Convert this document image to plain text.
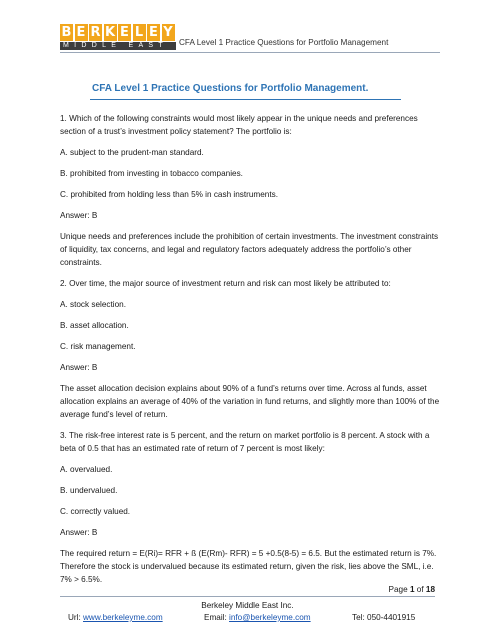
B E R K E L E Y
MIDDLE EAST	CFA Level 1 Practice Questions for Portfolio Management
CFA Level 1 Practice Questions for Portfolio Management.

1. Which of the following constraints would most likely appear in the unique needs and preferences section of a trust’s investment policy statement? The portfolio is:

A. subject to the prudent-man standard.

B. prohibited from investing in tobacco companies.

C. prohibited from holding less than 5% in cash instruments.

Answer: B

Unique needs and preferences include the prohibition of certain investments. The investment constraints of liquidity, tax concerns, and legal and regulatory factors adequately address the portfolio’s other constraints.

2. Over time, the major source of investment return and risk can most likely be attributed to:

A. stock selection.

B. asset allocation.

C. risk management.

Answer: B

The asset allocation decision explains about 90% of a fund’s returns over time. Across al funds, asset allocation explains an average of 40% of the variation in fund returns, and slightly more than 100% of the average fund’s level of return.

3. The risk-free interest rate is 5 percent, and the return on market portfolio is 8 percent. A stock with a beta of 0.5 that has an estimated rate of return of 7 percent is most likely:

A. overvalued.

B. undervalued.

C. correctly valued.

Answer: B

The required return = E(Ri)= RFR + ß (E(Rm)- RFR) = 5 +0.5(8-5) = 6.5. But the estimated return is 7%. Therefore the stock is undervalued because its estimated return, given the risk, lies above the SML, i.e. 7% > 6.5%.

Page 1 of 18
Berkeley Middle East Inc.
Url: www.berkeleyme.com	Email: info@berkeleyme.com	Tel: 050-4401915
